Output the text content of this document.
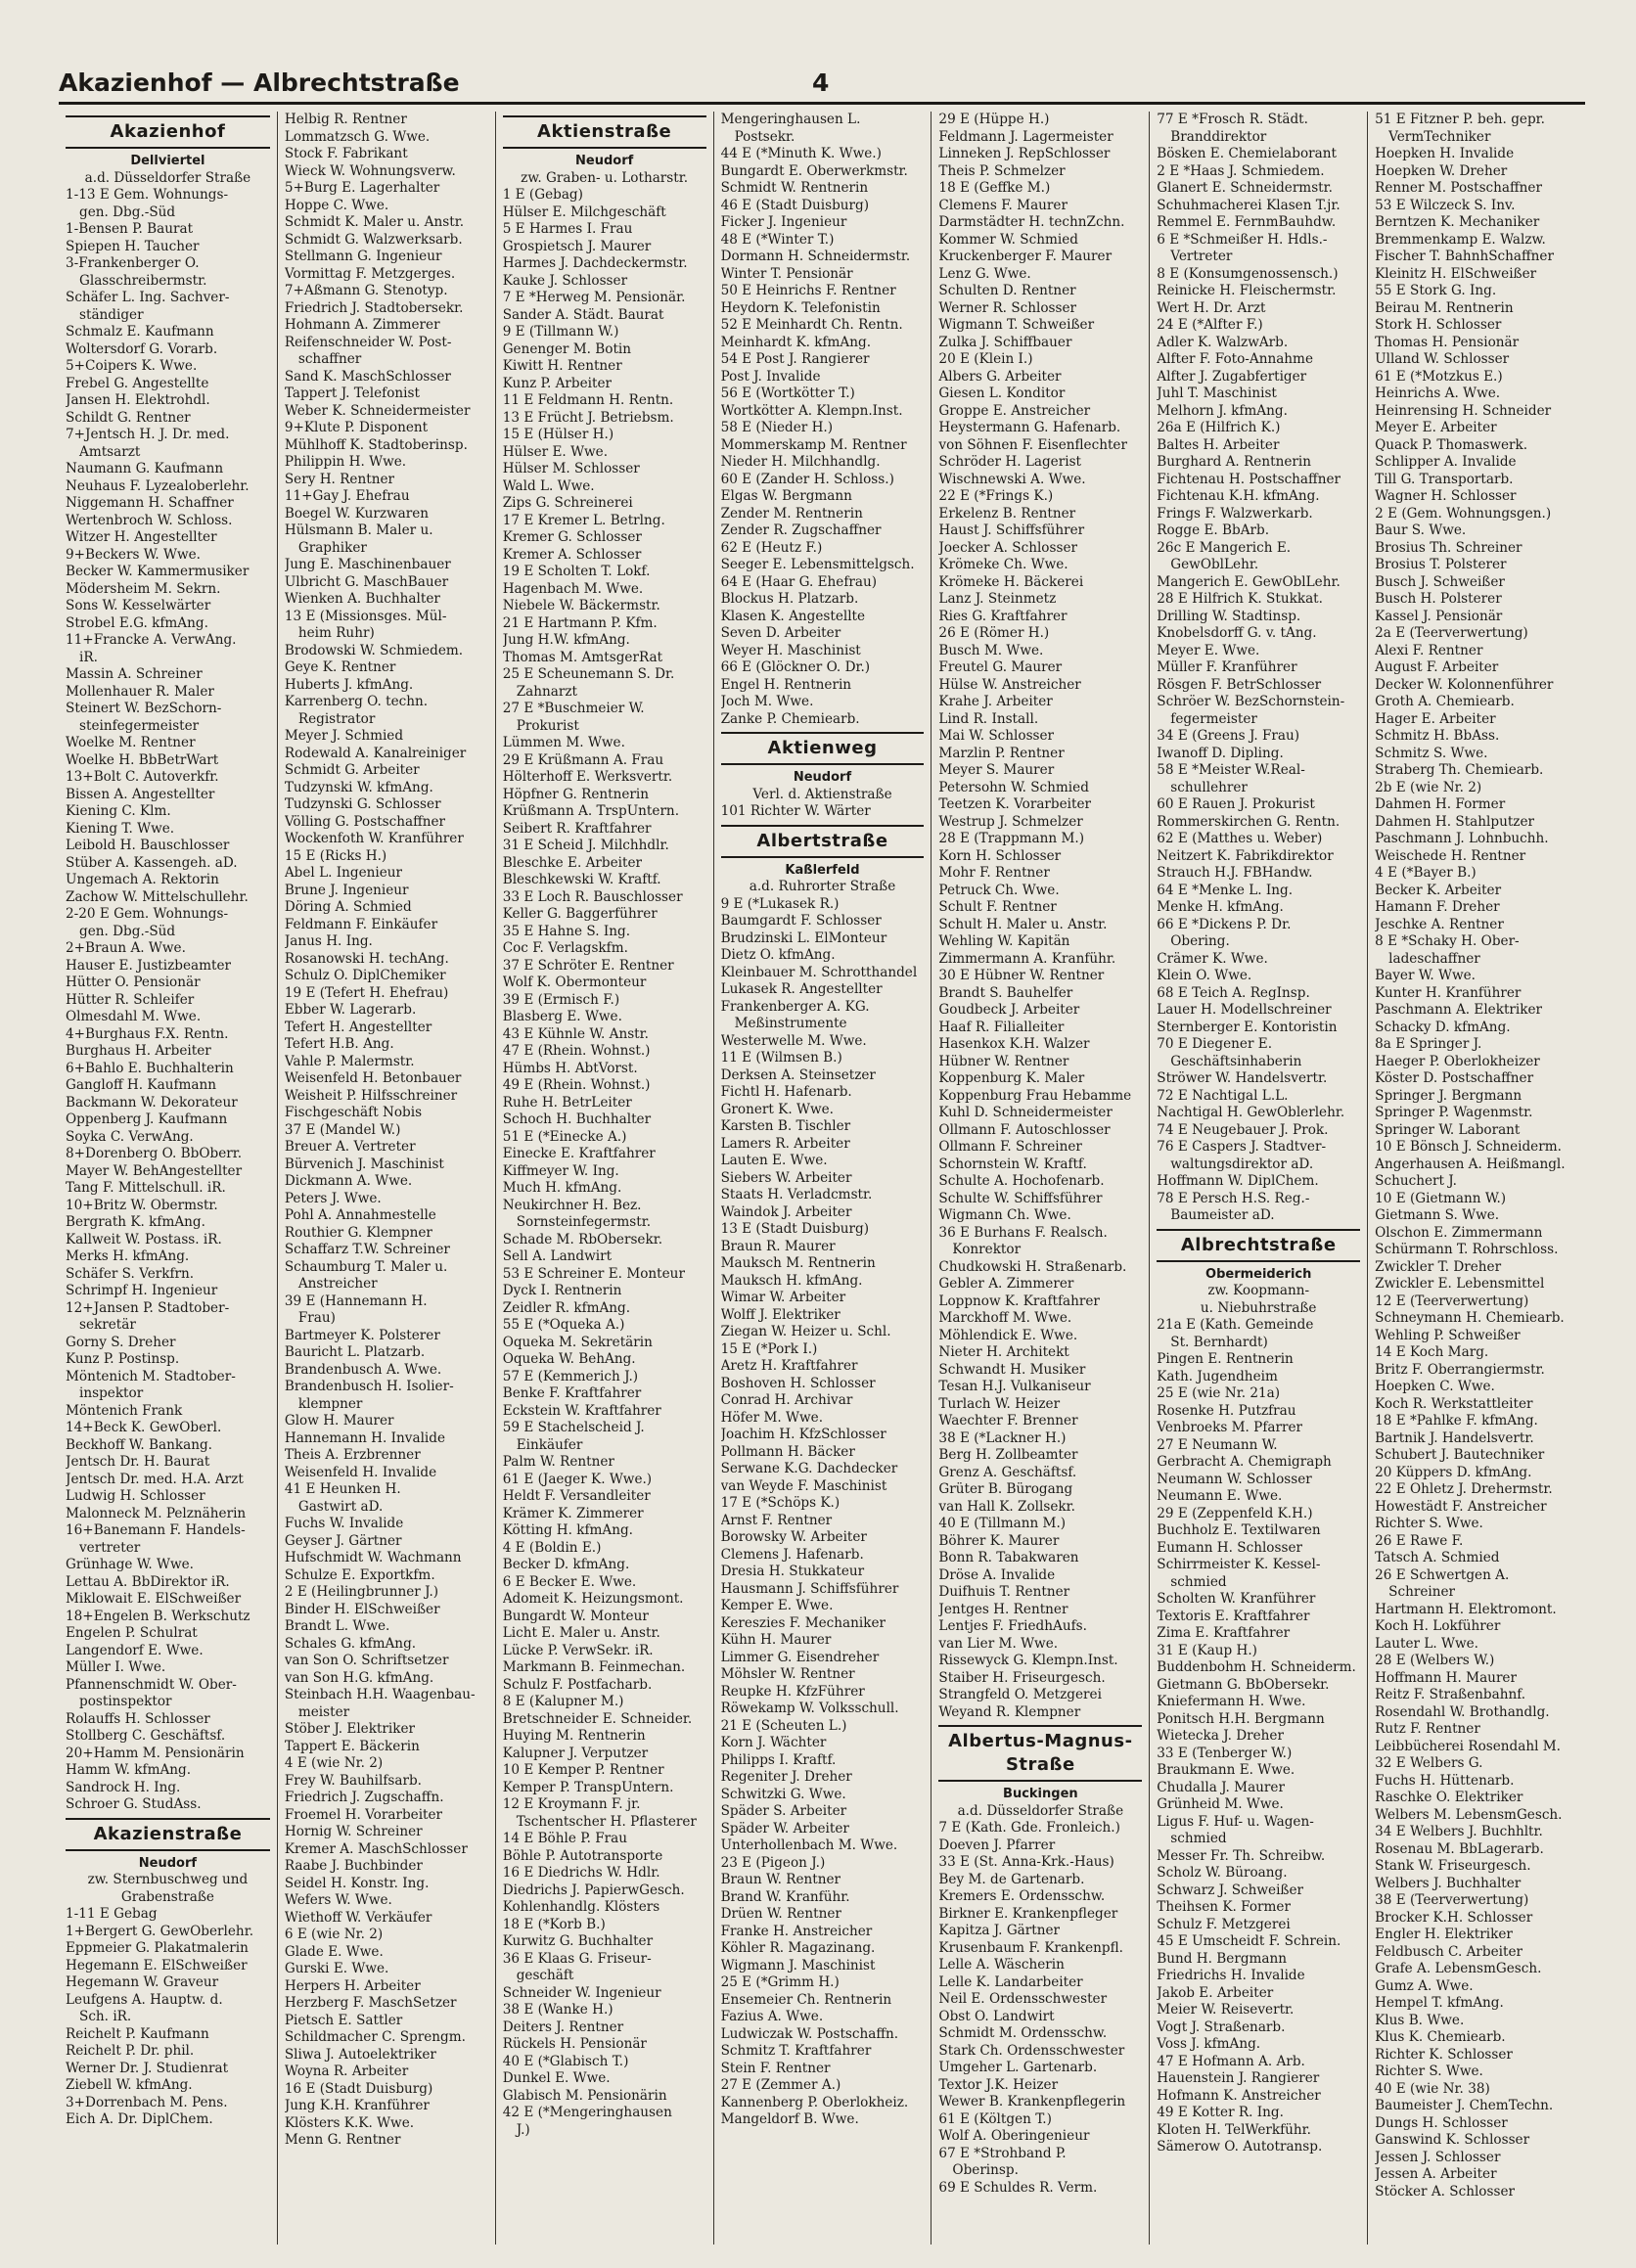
Akazienhof — Albrechtstraße	4
Akazienhof
Dellviertel
a.d. Düsseldorfer Straße
1-13 E Gem. Wohnungs-
gen. Dbg.-Süd
1-Bensen P. Baurat
Spiepen H. Taucher
3-Frankenberger O.
Glasschreibermstr.
Schäfer L. Ing. Sachver-
ständiger
Schmalz E. Kaufmann
Woltersdorf G. Vorarb.
5+Coipers K. Wwe.
Frebel G. Angestellte
Jansen H. Elektrohdl.
Schildt G. Rentner
7+Jentsch H. J. Dr. med.
Amtsarzt
Naumann G. Kaufmann
Neuhaus F. Lyzealoberlehr.
Niggemann H. Schaffner
Wertenbroch W. Schloss.
Witzer H. Angestellter
9+Beckers W. Wwe.
Becker W. Kammermusiker
Mödersheim M. Sekrn.
Sons W. Kesselwärter
Strobel E.G. kfmAng.
11+Francke A. VerwAng.
iR.
Massin A. Schreiner
Mollenhauer R. Maler
Steinert W. BezSchorn-
steinfegermeister
Woelke M. Rentner
Woelke H. BbBetrWart
13+Bolt C. Autoverkfr.
Bissen A. Angestellter
Kiening C. Klm.
Kiening T. Wwe.
Leibold H. Bauschlosser
Stüber A. Kassengeh. aD.
Ungemach A. Rektorin
Zachow W. Mittelschullehr.
2-20 E Gem. Wohnungs-
gen. Dbg.-Süd
2+Braun A. Wwe.
Hauser E. Justizbeamter
Hütter O. Pensionär
Hütter R. Schleifer
Olmesdahl M. Wwe.
4+Burghaus F.X. Rentn.
Burghaus H. Arbeiter
6+Bahlo E. Buchhalterin
Gangloff H. Kaufmann
Backmann W. Dekorateur
Oppenberg J. Kaufmann
Soyka C. VerwAng.
8+Dorenberg O. BbOberr.
Mayer W. BehAngestellter
Tang F. Mittelschull. iR.
10+Britz W. Obermstr.
Bergrath K. kfmAng.
Kallweit W. Postass. iR.
Merks H. kfmAng.
Schäfer S. Verkfrn.
Schrimpf H. Ingenieur
12+Jansen P. Stadtober-
sekretär
Gorny S. Dreher
Kunz P. Postinsp.
Möntenich M. Stadtober-
inspektor
Möntenich Frank
14+Beck K. GewOberl.
Beckhoff W. Bankang.
Jentsch Dr. H. Baurat
Jentsch Dr. med. H.A. Arzt
Ludwig H. Schlosser
Malonneck M. Pelznäherin
16+Banemann F. Handels-
vertreter
Grünhage W. Wwe.
Lettau A. BbDirektor iR.
Miklowait E. ElSchweißer
18+Engelen B. Werkschutz
Engelen P. Schulrat
Langendorf E. Wwe.
Müller I. Wwe.
Pfannenschmidt W. Ober-
postinspektor
Rolauffs H. Schlosser
Stollberg C. Geschäftsf.
20+Hamm M. Pensionärin
Hamm W. kfmAng.
Sandrock H. Ing.
Schroer G. StudAss.
Akazienstraße
Neudorf
zw. Sternbuschweg und
Grabenstraße
1-11 E Gebag
1+Bergert G. GewOberlehr.
Eppmeier G. Plakatmalerin
Hegemann E. ElSchweißer
Hegemann W. Graveur
Leufgens A. Hauptw. d.
Sch. iR.
Reichelt P. Kaufmann
Reichelt P. Dr. phil.
Werner Dr. J. Studienrat
Ziebell W. kfmAng.
3+Dorrenbach M. Pens.
Eich A. Dr. DiplChem.
Helbig R. Rentner
Lommatzsch G. Wwe.
Stock F. Fabrikant
Wieck W. Wohnungsverw.
5+Burg E. Lagerhalter
Hoppe C. Wwe.
Schmidt K. Maler u. Anstr.
Schmidt G. Walzwerksarb.
Stellmann G. Ingenieur
Vormittag F. Metzgerges.
7+Aßmann G. Stenotyp.
Friedrich J. Stadtobersekr.
Hohmann A. Zimmerer
Reifenschneider W. Post-
schaffner
Sand K. MaschSchlosser
Tappert J. Telefonist
Weber K. Schneidermeister
9+Klute P. Disponent
Mühlhoff K. Stadtoberinsp.
Philippin H. Wwe.
Sery H. Rentner
11+Gay J. Ehefrau
Boegel W. Kurzwaren
Hülsmann B. Maler u.
Graphiker
Jung E. Maschinenbauer
Ulbricht G. MaschBauer
Wienken A. Buchhalter
13 E (Missionsges. Mül-
heim Ruhr)
Brodowski W. Schmiedem.
Geye K. Rentner
Huberts J. kfmAng.
Karrenberg O. techn.
Registrator
Meyer J. Schmied
Rodewald A. Kanalreiniger
Schmidt G. Arbeiter
Tudzynski W. kfmAng.
Tudzynski G. Schlosser
Völling G. Postschaffner
Wockenfoth W. Kranführer
15 E (Ricks H.)
Abel L. Ingenieur
Brune J. Ingenieur
Döring A. Schmied
Feldmann F. Einkäufer
Janus H. Ing.
Rosanowski H. techAng.
Schulz O. DiplChemiker
19 E (Tefert H. Ehefrau)
Ebber W. Lagerarb.
Tefert H. Angestellter
Tefert H.B. Ang.
Vahle P. Malermstr.
Weisenfeld H. Betonbauer
Weisheit P. Hilfsschreiner
Fischgeschäft Nobis
37 E (Mandel W.)
Breuer A. Vertreter
Bürvenich J. Maschinist
Dickmann A. Wwe.
Peters J. Wwe.
Pohl A. Annahmestelle
Routhier G. Klempner
Schaffarz T.W. Schreiner
Schaumburg T. Maler u.
Anstreicher
39 E (Hannemann H.
Frau)
Bartmeyer K. Polsterer
Bauricht L. Platzarb.
Brandenbusch A. Wwe.
Brandenbusch H. Isolier-
klempner
Glow H. Maurer
Hannemann H. Invalide
Theis A. Erzbrenner
Weisenfeld H. Invalide
41 E Heunken H.
Gastwirt aD.
Fuchs W. Invalide
Geyser J. Gärtner
Hufschmidt W. Wachmann
Schulze E. Exportkfm.
2 E (Heilingbrunner J.)
Binder H. ElSchweißer
Brandt L. Wwe.
Schales G. kfmAng.
van Son O. Schriftsetzer
van Son H.G. kfmAng.
Steinbach H.H. Waagenbau-
meister
Stöber J. Elektriker
Tappert E. Bäckerin
4 E (wie Nr. 2)
Frey W. Bauhilfsarb.
Friedrich J. Zugschaffn.
Froemel H. Vorarbeiter
Hornig W. Schreiner
Kremer A. MaschSchlosser
Raabe J. Buchbinder
Seidel H. Konstr. Ing.
Wefers W. Wwe.
Wiethoff W. Verkäufer
6 E (wie Nr. 2)
Glade E. Wwe.
Gurski E. Wwe.
Herpers H. Arbeiter
Herzberg F. MaschSetzer
Pietsch E. Sattler
Schildmacher C. Sprengm.
Sliwa J. Autoelektriker
Woyna R. Arbeiter
16 E (Stadt Duisburg)
Jung K.H. Kranführer
Klösters K.K. Wwe.
Menn G. Rentner
Aktienstraße
Neudorf
zw. Graben- u. Lotharstr.
1 E (Gebag)
Hülser E. Milchgeschäft
5 E Harmes I. Frau
Grospietsch J. Maurer
Harmes J. Dachdeckermstr.
Kauke J. Schlosser
7 E *Herweg M. Pensionär.
Sander A. Städt. Baurat
9 E (Tillmann W.)
Genenger M. Botin
Kiwitt H. Rentner
Kunz P. Arbeiter
11 E Feldmann H. Rentn.
13 E Frücht J. Betriebsm.
15 E (Hülser H.)
Hülser E. Wwe.
Hülser M. Schlosser
Wald L. Wwe.
Zips G. Schreinerei
17 E Kremer L. Betrlng.
Kremer G. Schlosser
Kremer A. Schlosser
19 E Scholten T. Lokf.
Hagenbach M. Wwe.
Niebele W. Bäckermstr.
21 E Hartmann P. Kfm.
Jung H.W. kfmAng.
Thomas M. AmtsgerRat
25 E Scheunemann S. Dr.
Zahnarzt
27 E *Buschmeier W.
Prokurist
Lümmen M. Wwe.
29 E Krüßmann A. Frau
Hölterhoff E. Werksvertr.
Höpfner G. Rentnerin
Krüßmann A. TrspUntern.
Seibert R. Kraftfahrer
31 E Scheid J. Milchhdlr.
Bleschke E. Arbeiter
Bleschkewski W. Kraftf.
33 E Loch R. Bauschlosser
Keller G. Baggerführer
35 E Hahne S. Ing.
Coc F. Verlagskfm.
37 E Schröter E. Rentner
Wolf K. Obermonteur
39 E (Ermisch F.)
Blasberg E. Wwe.
43 E Kühnle W. Anstr.
47 E (Rhein. Wohnst.)
Hümbs H. AbtVorst.
49 E (Rhein. Wohnst.)
Ruhe H. BetrLeiter
Schoch H. Buchhalter
51 E (*Einecke A.)
Einecke E. Kraftfahrer
Kiffmeyer W. Ing.
Much H. kfmAng.
Neukirchner H. Bez.
Sornsteinfegermstr.
Schade M. RbObersekr.
Sell A. Landwirt
53 E Schreiner E. Monteur
Dyck I. Rentnerin
Zeidler R. kfmAng.
55 E (*Oqueka A.)
Oqueka M. Sekretärin
Oqueka W. BehAng.
57 E (Kemmerich J.)
Benke F. Kraftfahrer
Eckstein W. Kraftfahrer
59 E Stachelscheid J.
Einkäufer
Palm W. Rentner
61 E (Jaeger K. Wwe.)
Heldt F. Versandleiter
Krämer K. Zimmerer
Kötting H. kfmAng.
4 E (Boldin E.)
Becker D. kfmAng.
6 E Becker E. Wwe.
Adomeit K. Heizungsmont.
Bungardt W. Monteur
Licht E. Maler u. Anstr.
Lücke P. VerwSekr. iR.
Markmann B. Feinmechan.
Schulz F. Postfacharb.
8 E (Kalupner M.)
Bretschneider E. Schneider.
Huying M. Rentnerin
Kalupner J. Verputzer
10 E Kemper P. Rentner
Kemper P. TranspUntern.
12 E Kroymann F. jr.
Tschentscher H. Pflasterer
14 E Böhle P. Frau
Böhle P. Autotransporte
16 E Diedrichs W. Hdlr.
Diedrichs J. PapierwGesch.
Kohlenhandlg. Klösters
18 E (*Korb B.)
Kurwitz G. Buchhalter
36 E Klaas G. Friseur-
geschäft
Schneider W. Ingenieur
38 E (Wanke H.)
Deiters J. Rentner
Rückels H. Pensionär
40 E (*Glabisch T.)
Dunkel E. Wwe.
Glabisch M. Pensionärin
42 E (*Mengeringhausen
J.)
Mengeringhausen L.
Postsekr.
44 E (*Minuth K. Wwe.)
Bungardt E. Oberwerkmstr.
Schmidt W. Rentnerin
46 E (Stadt Duisburg)
Ficker J. Ingenieur
48 E (*Winter T.)
Dormann H. Schneidermstr.
Winter T. Pensionär
50 E Heinrichs F. Rentner
Heydorn K. Telefonistin
52 E Meinhardt Ch. Rentn.
Meinhardt K. kfmAng.
54 E Post J. Rangierer
Post J. Invalide
56 E (Wortkötter T.)
Wortkötter A. Klempn.Inst.
58 E (Nieder H.)
Mommerskamp M. Rentner
Nieder H. Milchhandlg.
60 E (Zander H. Schloss.)
Elgas W. Bergmann
Zender M. Rentnerin
Zender R. Zugschaffner
62 E (Heutz F.)
Seeger E. Lebensmittelgsch.
64 E (Haar G. Ehefrau)
Blockus H. Platzarb.
Klasen K. Angestellte
Seven D. Arbeiter
Weyer H. Maschinist
66 E (Glöckner O. Dr.)
Engel H. Rentnerin
Joch M. Wwe.
Zanke P. Chemiearb.
Aktienweg
Neudorf
Verl. d. Aktienstraße
101 Richter W. Wärter
Albertstraße
Kaßlerfeld
a.d. Ruhrorter Straße
9 E (*Lukasek R.)
Baumgardt F. Schlosser
Brudzinski L. ElMonteur
Dietz O. kfmAng.
Kleinbauer M. Schrotthandel
Lukasek R. Angestellter
Frankenberger A. KG.
Meßinstrumente
Westerwelle M. Wwe.
11 E (Wilmsen B.)
Derksen A. Steinsetzer
Fichtl H. Hafenarb.
Gronert K. Wwe.
Karsten B. Tischler
Lamers R. Arbeiter
Lauten E. Wwe.
Siebers W. Arbeiter
Staats H. Verladcmstr.
Waindok J. Arbeiter
13 E (Stadt Duisburg)
Braun R. Maurer
Mauksch M. Rentnerin
Mauksch H. kfmAng.
Wimar W. Arbeiter
Wolff J. Elektriker
Ziegan W. Heizer u. Schl.
15 E (*Pork I.)
Aretz H. Kraftfahrer
Boshoven H. Schlosser
Conrad H. Archivar
Höfer M. Wwe.
Joachim H. KfzSchlosser
Pollmann H. Bäcker
Serwane K.G. Dachdecker
van Weyde F. Maschinist
17 E (*Schöps K.)
Arnst F. Rentner
Borowsky W. Arbeiter
Clemens J. Hafenarb.
Dresia H. Stukkateur
Hausmann J. Schiffsführer
Kemper E. Wwe.
Kereszies F. Mechaniker
Kühn H. Maurer
Limmer G. Eisendreher
Möhsler W. Rentner
Reupke H. KfzFührer
Röwekamp W. Volksschull.
21 E (Scheuten L.)
Korn J. Wächter
Philipps I. Kraftf.
Regeniter J. Dreher
Schwitzki G. Wwe.
Späder S. Arbeiter
Späder W. Arbeiter
Unterhollenbach M. Wwe.
23 E (Pigeon J.)
Braun W. Rentner
Brand W. Kranführ.
Drüen W. Rentner
Franke H. Anstreicher
Köhler R. Magazinang.
Wigmann J. Maschinist
25 E (*Grimm H.)
Ensemeier Ch. Rentnerin
Fazius A. Wwe.
Ludwiczak W. Postschaffn.
Schmitz T. Kraftfahrer
Stein F. Rentner
27 E (Zemmer A.)
Kannenberg P. Oberlokheiz.
Mangeldorf B. Wwe.
29 E (Hüppe H.)
Feldmann J. Lagermeister
Linneken J. RepSchlosser
Theis P. Schmelzer
18 E (Geffke M.)
Clemens F. Maurer
Darmstädter H. technZchn.
Kommer W. Schmied
Kruckenberger F. Maurer
Lenz G. Wwe.
Schulten D. Rentner
Werner R. Schlosser
Wigmann T. Schweißer
Zulka J. Schiffbauer
20 E (Klein I.)
Albers G. Arbeiter
Giesen L. Konditor
Groppe E. Anstreicher
Heystermann G. Hafenarb.
von Söhnen F. Eisenflechter
Schröder H. Lagerist
Wischnewski A. Wwe.
22 E (*Frings K.)
Erkelenz B. Rentner
Haust J. Schiffsführer
Joecker A. Schlosser
Krömeke Ch. Wwe.
Krömeke H. Bäckerei
Lanz J. Steinmetz
Ries G. Kraftfahrer
26 E (Römer H.)
Busch M. Wwe.
Freutel G. Maurer
Hülse W. Anstreicher
Krahe J. Arbeiter
Lind R. Install.
Mai W. Schlosser
Marzlin P. Rentner
Meyer S. Maurer
Petersohn W. Schmied
Teetzen K. Vorarbeiter
Westrup J. Schmelzer
28 E (Trappmann M.)
Korn H. Schlosser
Mohr F. Rentner
Petruck Ch. Wwe.
Schult F. Rentner
Schult H. Maler u. Anstr.
Wehling W. Kapitän
Zimmermann A. Kranführ.
30 E Hübner W. Rentner
Brandt S. Bauhelfer
Goudbeck J. Arbeiter
Haaf R. Filialleiter
Hasenkox K.H. Walzer
Hübner W. Rentner
Koppenburg K. Maler
Koppenburg Frau Hebamme
Kuhl D. Schneidermeister
Ollmann F. Autoschlosser
Ollmann F. Schreiner
Schornstein W. Kraftf.
Schulte A. Hochofenarb.
Schulte W. Schiffsführer
Wigmann Ch. Wwe.
36 E Burhans F. Realsch.
Konrektor
Chudkowski H. Straßenarb.
Gebler A. Zimmerer
Loppnow K. Kraftfahrer
Marckhoff M. Wwe.
Möhlendick E. Wwe.
Nieter H. Architekt
Schwandt H. Musiker
Tesan H.J. Vulkaniseur
Turlach W. Heizer
Waechter F. Brenner
38 E (*Lackner H.)
Berg H. Zollbeamter
Grenz A. Geschäftsf.
Grüter B. Bürogang
van Hall K. Zollsekr.
40 E (Tillmann M.)
Böhrer K. Maurer
Bonn R. Tabakwaren
Dröse A. Invalide
Duifhuis T. Rentner
Jentges H. Rentner
Lentjes F. FriedhAufs.
van Lier M. Wwe.
Rissewyck G. Klempn.Inst.
Staiber H. Friseurgesch.
Strangfeld O. Metzgerei
Weyand R. Klempner
Albertus-Magnus-Straße
Buckingen
a.d. Düsseldorfer Straße
7 E (Kath. Gde. Fronleich.)
Doeven J. Pfarrer
33 E (St. Anna-Krk.-Haus)
Bey M. de Gartenarb.
Kremers E. Ordensschw.
Birkner E. Krankenpfleger
Kapitza J. Gärtner
Krusenbaum F. Krankenpfl.
Lelle A. Wäscherin
Lelle K. Landarbeiter
Neil E. Ordensschwester
Obst O. Landwirt
Schmidt M. Ordensschw.
Stark Ch. Ordensschwester
Umgeher L. Gartenarb.
Textor J.K. Heizer
Wewer B. Krankenpflegerin
61 E (Költgen T.)
Wolf A. Oberingenieur
67 E *Strohband P.
Oberinsp.
69 E Schuldes R. Verm.
77 E *Frosch R. Städt.
Branddirektor
Bösken E. Chemielaborant
2 E *Haas J. Schmiedem.
Glanert E. Schneidermstr.
Schuhmacherei Klasen T.jr.
Remmel E. FernmBauhdw.
6 E *Schmeißer H. Hdls.-
Vertreter
8 E (Konsumgenossensch.)
Reinicke H. Fleischermstr.
Wert H. Dr. Arzt
24 E (*Alfter F.)
Adler K. WalzwArb.
Alfter F. Foto-Annahme
Alfter J. Zugabfertiger
Juhl T. Maschinist
Melhorn J. kfmAng.
26a E (Hilfrich K.)
Baltes H. Arbeiter
Burghard A. Rentnerin
Fichtenau H. Postschaffner
Fichtenau K.H. kfmAng.
Frings F. Walzwerkarb.
Rogge E. BbArb.
26c E Mangerich E.
GewOblLehr.
Mangerich E. GewOblLehr.
28 E Hilfrich K. Stukkat.
Drilling W. Stadtinsp.
Knobelsdorff G. v. tAng.
Meyer E. Wwe.
Müller F. Kranführer
Rösgen F. BetrSchlosser
Schröer W. BezSchornstein-
fegermeister
34 E (Greens J. Frau)
Iwanoff D. Dipling.
58 E *Meister W.Real-
schullehrer
60 E Rauen J. Prokurist
Rommerskirchen G. Rentn.
62 E (Matthes u. Weber)
Neitzert K. Fabrikdirektor
Strauch H.J. FBHandw.
64 E *Menke L. Ing.
Menke H. kfmAng.
66 E *Dickens P. Dr.
Obering.
Crämer K. Wwe.
Klein O. Wwe.
68 E Teich A. RegInsp.
Lauer H. Modellschreiner
Sternberger E. Kontoristin
70 E Diegener E.
Geschäftsinhaberin
Ströwer W. Handelsvertr.
72 E Nachtigal L.L.
Nachtigal H. GewOblerlehr.
74 E Neugebauer J. Prok.
76 E Caspers J. Stadtver-
waltungsdirektor aD.
Hoffmann W. DiplChem.
78 E Persch H.S. Reg.-
Baumeister aD.
Albrechtstraße
Obermeiderich
zw. Koopmann-
u. Niebuhrstraße
21a E (Kath. Gemeinde
St. Bernhardt)
Pingen E. Rentnerin
Kath. Jugendheim
25 E (wie Nr. 21a)
Rosenke H. Putzfrau
Venbroeks M. Pfarrer
27 E Neumann W.
Gerbracht A. Chemigraph
Neumann W. Schlosser
Neumann E. Wwe.
29 E (Zeppenfeld K.H.)
Buchholz E. Textilwaren
Eumann H. Schlosser
Schirrmeister K. Kessel-
schmied
Scholten W. Kranführer
Textoris E. Kraftfahrer
Zima E. Kraftfahrer
31 E (Kaup H.)
Buddenbohm H. Schneiderm.
Gietmann G. BbObersekr.
Kniefermann H. Wwe.
Ponitsch H.H. Bergmann
Wietecka J. Dreher
33 E (Tenberger W.)
Braukmann E. Wwe.
Chudalla J. Maurer
Grünheid M. Wwe.
Ligus F. Huf- u. Wagen-
schmied
Messer Fr. Th. Schreibw.
Scholz W. Büroang.
Schwarz J. Schweißer
Theihsen K. Former
Schulz F. Metzgerei
45 E Umscheidt F. Schrein.
Bund H. Bergmann
Friedrichs H. Invalide
Jakob E. Arbeiter
Meier W. Reisevertr.
Vogt J. Straßenarb.
Voss J. kfmAng.
47 E Hofmann A. Arb.
Hauenstein J. Rangierer
Hofmann K. Anstreicher
49 E Kotter R. Ing.
Kloten H. TelWerkführ.
Sämerow O. Autotransp.
51 E Fitzner P. beh. gepr.
VermTechniker
Hoepken H. Invalide
Hoepken W. Dreher
Renner M. Postschaffner
53 E Wilczeck S. Inv.
Berntzen K. Mechaniker
Bremmenkamp E. Walzw.
Fischer T. BahnhSchaffner
Kleinitz H. ElSchweißer
55 E Stork G. Ing.
Beirau M. Rentnerin
Stork H. Schlosser
Thomas H. Pensionär
Ulland W. Schlosser
61 E (*Motzkus E.)
Heinrichs A. Wwe.
Heinrensing H. Schneider
Meyer E. Arbeiter
Quack P. Thomaswerk.
Schlipper A. Invalide
Till G. Transportarb.
Wagner H. Schlosser
2 E (Gem. Wohnungsgen.)
Baur S. Wwe.
Brosius Th. Schreiner
Brosius T. Polsterer
Busch J. Schweißer
Busch H. Polsterer
Kassel J. Pensionär
2a E (Teerverwertung)
Alexi F. Rentner
August F. Arbeiter
Decker W. Kolonnenführer
Groth A. Chemiearb.
Hager E. Arbeiter
Schmitz H. BbAss.
Schmitz S. Wwe.
Straberg Th. Chemiearb.
2b E (wie Nr. 2)
Dahmen H. Former
Dahmen H. Stahlputzer
Paschmann J. Lohnbuchh.
Weischede H. Rentner
4 E (*Bayer B.)
Becker K. Arbeiter
Hamann F. Dreher
Jeschke A. Rentner
8 E *Schaky H. Ober-
ladeschaffner
Bayer W. Wwe.
Kunter H. Kranführer
Paschmann A. Elektriker
Schacky D. kfmAng.
8a E Springer J.
Haeger P. Oberlokheizer
Köster D. Postschaffner
Springer J. Bergmann
Springer P. Wagenmstr.
Springer W. Laborant
10 E Bönsch J. Schneiderm.
Angerhausen A. Heißmangl.
Schuchert J.
10 E (Gietmann W.)
Gietmann S. Wwe.
Olschon E. Zimmermann
Schürmann T. Rohrschloss.
Zwickler T. Dreher
Zwickler E. Lebensmittel
12 E (Teerverwertung)
Schneymann H. Chemiearb.
Wehling P. Schweißer
14 E Koch Marg.
Britz F. Oberrangiermstr.
Hoepken C. Wwe.
Koch R. Werkstattleiter
18 E *Pahlke F. kfmAng.
Bartnik J. Handelsvertr.
Schubert J. Bautechniker
20 Küppers D. kfmAng.
22 E Ohletz J. Drehermstr.
Howestädt F. Anstreicher
Richter S. Wwe.
26 E Rawe F.
Tatsch A. Schmied
26 E Schwertgen A.
Schreiner
Hartmann H. Elektromont.
Koch H. Lokführer
Lauter L. Wwe.
28 E (Welbers W.)
Hoffmann H. Maurer
Reitz F. Straßenbahnf.
Rosendahl W. Brothandlg.
Rutz F. Rentner
Leibbücherei Rosendahl M.
32 E Welbers G.
Fuchs H. Hüttenarb.
Raschke O. Elektriker
Welbers M. LebensmGesch.
34 E Welbers J. Buchhltr.
Rosenau M. BbLagerarb.
Stank W. Friseurgesch.
Welbers J. Buchhalter
38 E (Teerverwertung)
Brocker K.H. Schlosser
Engler H. Elektriker
Feldbusch C. Arbeiter
Grafe A. LebensmGesch.
Gumz A. Wwe.
Hempel T. kfmAng.
Klus B. Wwe.
Klus K. Chemiearb.
Richter K. Schlosser
Richter S. Wwe.
40 E (wie Nr. 38)
Baumeister J. ChemTechn.
Dungs H. Schlosser
Ganswind K. Schlosser
Jessen J. Schlosser
Jessen A. Arbeiter
Stöcker A. Schlosser
